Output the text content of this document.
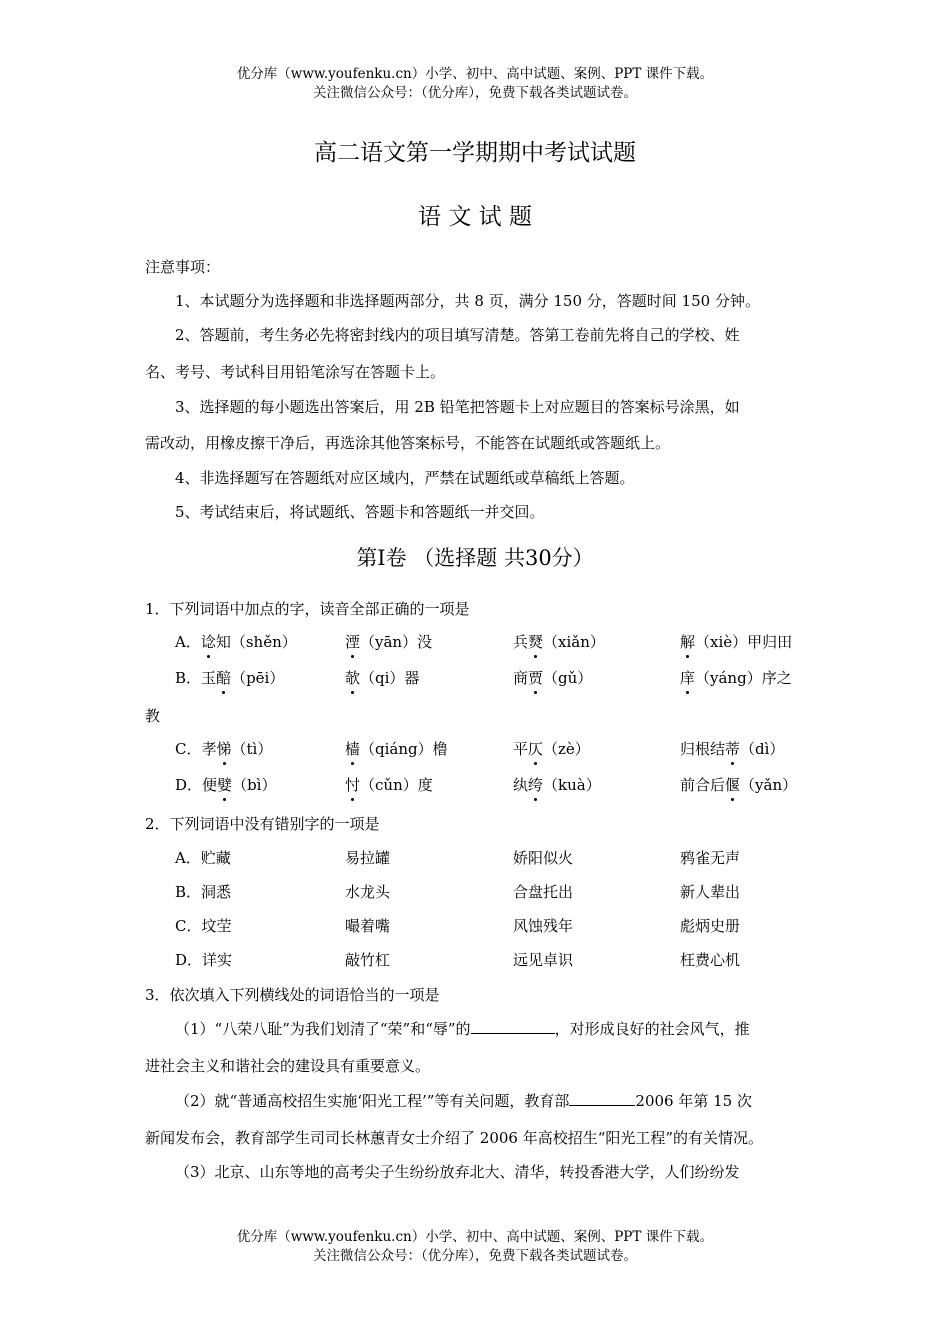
优分库（www.youfenku.cn）小学、初中、高中试题、案例、PPT 课件下载。
关注微信公众号：（优分库），免费下载各类试题试卷。
高二语文第一学期期中考试试题
语 文 试 题
注意事项：
1、本试题分为选择题和非选择题两部分，共 8 页，满分 150 分，答题时间 150 分钟。
2、答题前，考生务必先将密封线内的项目填写清楚。答第工卷前先将自己的学校、姓
名、考号、考试科目用铅笔涂写在答题卡上。
3、选择题的每小题选出答案后，用 2B 铅笔把答题卡上对应题目的答案标号涂黑，如
需改动，用橡皮擦干净后，再选涂其他答案标号，不能答在试题纸或答题纸上。
4、非选择题写在答题纸对应区域内，严禁在试题纸或草稿纸上答题。
5、考试结束后，将试题纸、答题卡和答题纸一并交回。
第Ⅰ卷 （选择题 共30分）
1．下列词语中加点的字，读音全部正确的一项是
A．谂知（shěn）	湮（yān）没	兵燹（xiǎn）	解（xiè）甲归田
B．玉醅（pēi）	欹（qi）器	商贾（gǔ）	庠（yáng）序之
教
C．孝悌（tì）	樯（qiáng）橹	平仄（zè）	归根结蒂（dì）
D．便嬖（bì）	忖（cǔn）度	纨绔（kuà）	前合后偃（yǎn）
2．下列词语中没有错别字的一项是
A．贮藏	易拉罐	娇阳似火	鸦雀无声
B．洞悉	水龙头	合盘托出	新人辈出
C．坟茔	嘬着嘴	风蚀残年	彪炳史册
D．详实	敲竹杠	远见卓识	枉费心机
3．依次填入下列横线处的词语恰当的一项是
（1）“八荣八耻”为我们划清了“荣”和“辱”的	，对形成良好的社会风气，推
进社会主义和谐社会的建设具有重要意义。
（2）就“普通高校招生实施‘阳光工程’”等有关问题，教育部	2006 年第 15 次
新闻发布会，教育部学生司司长林蕙青女士介绍了 2006 年高校招生“阳光工程”的有关情况。
（3）北京、山东等地的高考尖子生纷纷放弃北大、清华，转投香港大学，人们纷纷发
优分库（www.youfenku.cn）小学、初中、高中试题、案例、PPT 课件下载。
关注微信公众号：（优分库），免费下载各类试题试卷。
